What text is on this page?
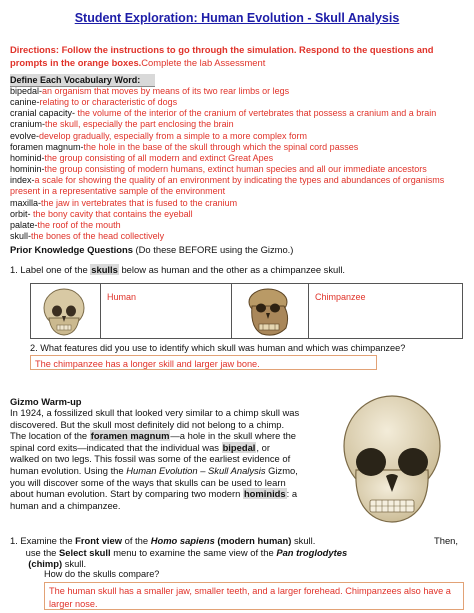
Student Exploration: Human Evolution - Skull Analysis
Directions: Follow the instructions to go through the simulation. Respond to the questions and prompts in the orange boxes.Complete the lab Assessment
Define Each Vocabulary Word:
bipedal-an organism that moves by means of its two rear limbs or legs
canine-relating to or characteristic of dogs
cranial capacity- the volume of the interior of the cranium of vertebrates that possess a cranium and a brain
cranium-the skull, especially the part enclosing the brain
evolve-develop gradually, especially from a simple to a more complex form
foramen magnum-the hole in the base of the skull through which the spinal cord passes
hominid-the group consisting of all modern and extinct Great Apes
hominin-the group consisting of modern humans, extinct human species and all our immediate ancestors
index-a scale for showing the quality of an environment by indicating the types and abundances of organisms
present in a representative sample of the environment
maxilla-the jaw in vertebrates that is fused to the cranium
orbit- the bony cavity that contains the eyeball
palate-the roof of the mouth
skull-the bones of the head collectively
Prior Knowledge Questions (Do these BEFORE using the Gizmo.)
1. Label one of the skulls below as human and the other as a chimpanzee skull.
Human	Chimpanzee
2. What features did you use to identify which skull was human and which was chimpanzee?
The chimpanzee has a longer skill and larger jaw bone.
Gizmo Warm-up
In 1924, a fossilized skull that looked very similar to a chimp skull was discovered. But the skull most definitely did not belong to a chimp. The location of the foramen magnum—a hole in the skull where the spinal cord exits—indicated that the individual was bipedal, or walked on two legs. This fossil was some of the earliest evidence of human evolution. Using the Human Evolution – Skull Analysis Gizmo, you will discover some of the ways that skulls can be used to learn about human evolution. Start by comparing two modern hominids: a human and a chimpanzee.
1. Examine the Front view of the Homo sapiens (modern human) skull.	Then,

use the Select skull menu to examine the same view of the Pan troglodytes
(chimp) skull.
How do the skulls compare?
The human skull has a smaller jaw, smaller teeth, and a larger forehead. Chimpanzees also have a larger nose.
